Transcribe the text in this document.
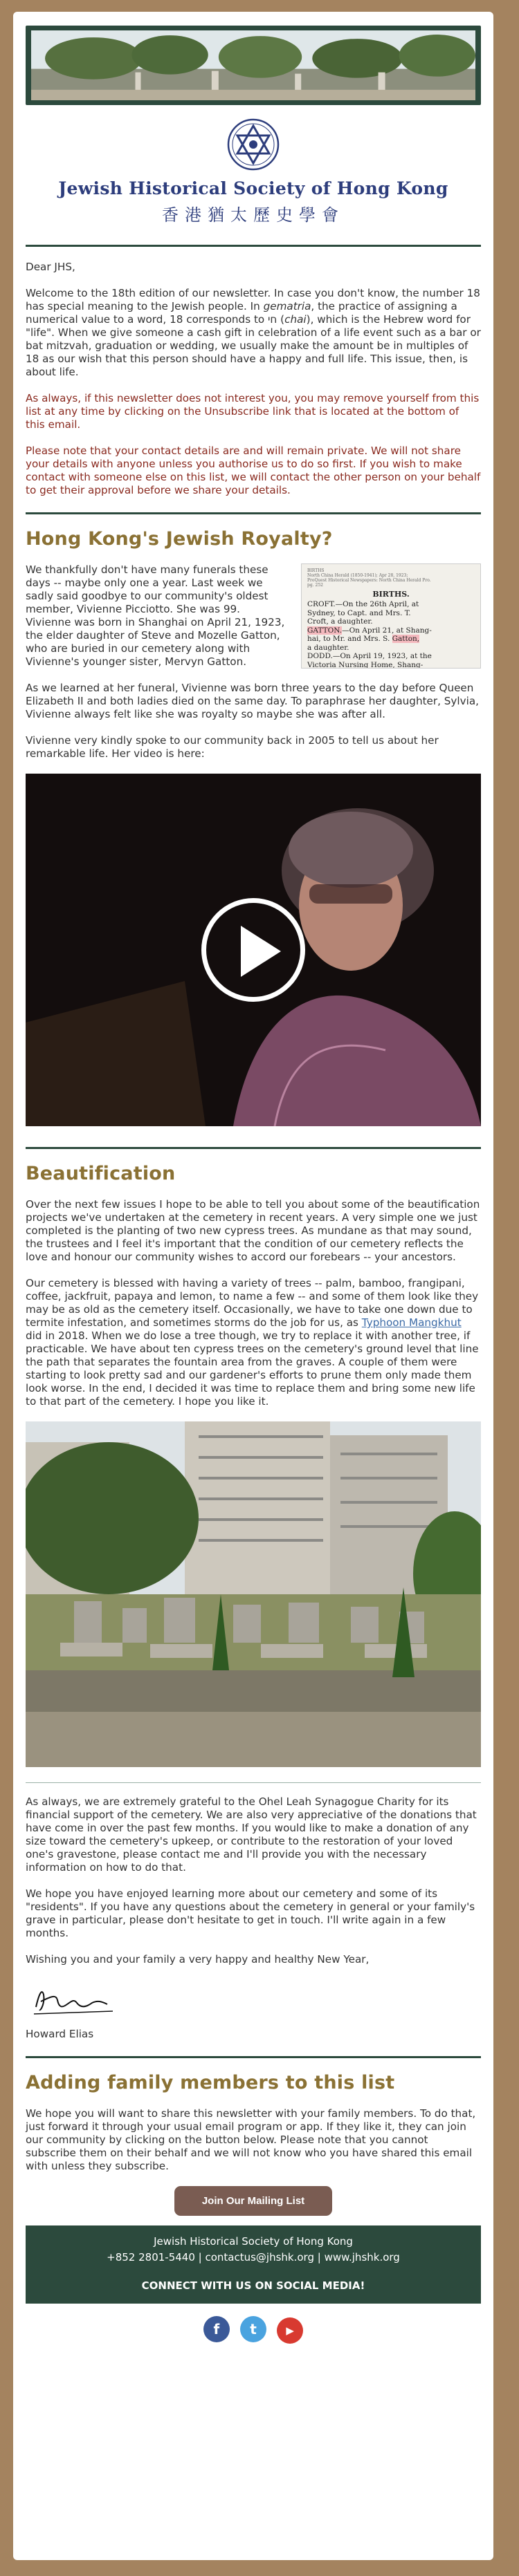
Jewish Historical Society of Hong Kong
香港猶太歷史學會

Dear JHS,

Welcome to the 18th edition of our newsletter. In case you don't know, the number 18 has special meaning to the Jewish people. In gematria, the practice of assigning a numerical value to a word, 18 corresponds to חי (chai), which is the Hebrew word for "life". When we give someone a cash gift in celebration of a life event such as a bar or bat mitzvah, graduation or wedding, we usually make the amount be in multiples of 18 as our wish that this person should have a happy and full life. This issue, then, is about life.

As always, if this newsletter does not interest you, you may remove yourself from this list at any time by clicking on the Unsubscribe link that is located at the bottom of this email.

Please note that your contact details are and will remain private. We will not share your details with anyone unless you authorise us to do so first. If you wish to make contact with someone else on this list, we will contact the other person on your behalf to get their approval before we share your details.

Hong Kong's Jewish Royalty?
BIRTHS
North China Herald (1850-1941); Apr 28, 1923;
ProQuest Historical Newspapers: North China Herald Pro.
pg. 252
BIRTHS.
CROFT.—On the 26th April, at
Sydney, to Capt. and Mrs. T.
Croft, a daughter.
GATTON.—On April 21, at Shang-
hai, to Mr. and Mrs. S. Gatton,
a daughter.
DODD.—On April 19, 1923, at the
Victoria Nursing Home, Shang-

We thankfully don't have many funerals these days -- maybe only one a year. Last week we sadly said goodbye to our community's oldest member, Vivienne Picciotto. She was 99. Vivienne was born in Shanghai on April 21, 1923, the elder daughter of Steve and Mozelle Gatton, who are buried in our cemetery along with Vivienne's younger sister, Mervyn Gatton.

As we learned at her funeral, Vivienne was born three years to the day before Queen Elizabeth II and both ladies died on the same day. To paraphrase her daughter, Sylvia, Vivienne always felt like she was royalty so maybe she was after all.

Vivienne very kindly spoke to our community back in 2005 to tell us about her remarkable life. Her video is here:

Beautification

Over the next few issues I hope to be able to tell you about some of the beautification projects we've undertaken at the cemetery in recent years. A very simple one we just completed is the planting of two new cypress trees. As mundane as that may sound, the trustees and I feel it's important that the condition of our cemetery reflects the love and honour our community wishes to accord our forebears -- your ancestors.

Our cemetery is blessed with having a variety of trees -- palm, bamboo, frangipani, coffee, jackfruit, papaya and lemon, to name a few -- and some of them look like they may be as old as the cemetery itself. Occasionally, we have to take one down due to termite infestation, and sometimes storms do the job for us, as Typhoon Mangkhut did in 2018. When we do lose a tree though, we try to replace it with another tree, if practicable. We have about ten cypress trees on the cemetery's ground level that line the path that separates the fountain area from the graves. A couple of them were starting to look pretty sad and our gardener's efforts to prune them only made them look worse. In the end, I decided it was time to replace them and bring some new life to that part of the cemetery. I hope you like it.

As always, we are extremely grateful to the Ohel Leah Synagogue Charity for its financial support of the cemetery. We are also very appreciative of the donations that have come in over the past few months. If you would like to make a donation of any size toward the cemetery's upkeep, or contribute to the restoration of your loved one's gravestone, please contact me and I'll provide you with the necessary information on how to do that.

We hope you have enjoyed learning more about our cemetery and some of its "residents". If you have any questions about the cemetery in general or your family's grave in particular, please don't hesitate to get in touch. I'll write again in a few months.

Wishing you and your family a very happy and healthy New Year,

Howard Elias

Adding family members to this list

We hope you will want to share this newsletter with your family members. To do that, just forward it through your usual email program or app. If they like it, they can join our community by clicking on the button below. Please note that you cannot subscribe them on their behalf and we will not know who you have shared this email with unless they subscribe.

Join Our Mailing List
Jewish Historical Society of Hong Kong
+852 2801-5440 | contactus@jhshk.org | www.jhshk.org
CONNECT WITH US ON SOCIAL MEDIA!
f t	▶
